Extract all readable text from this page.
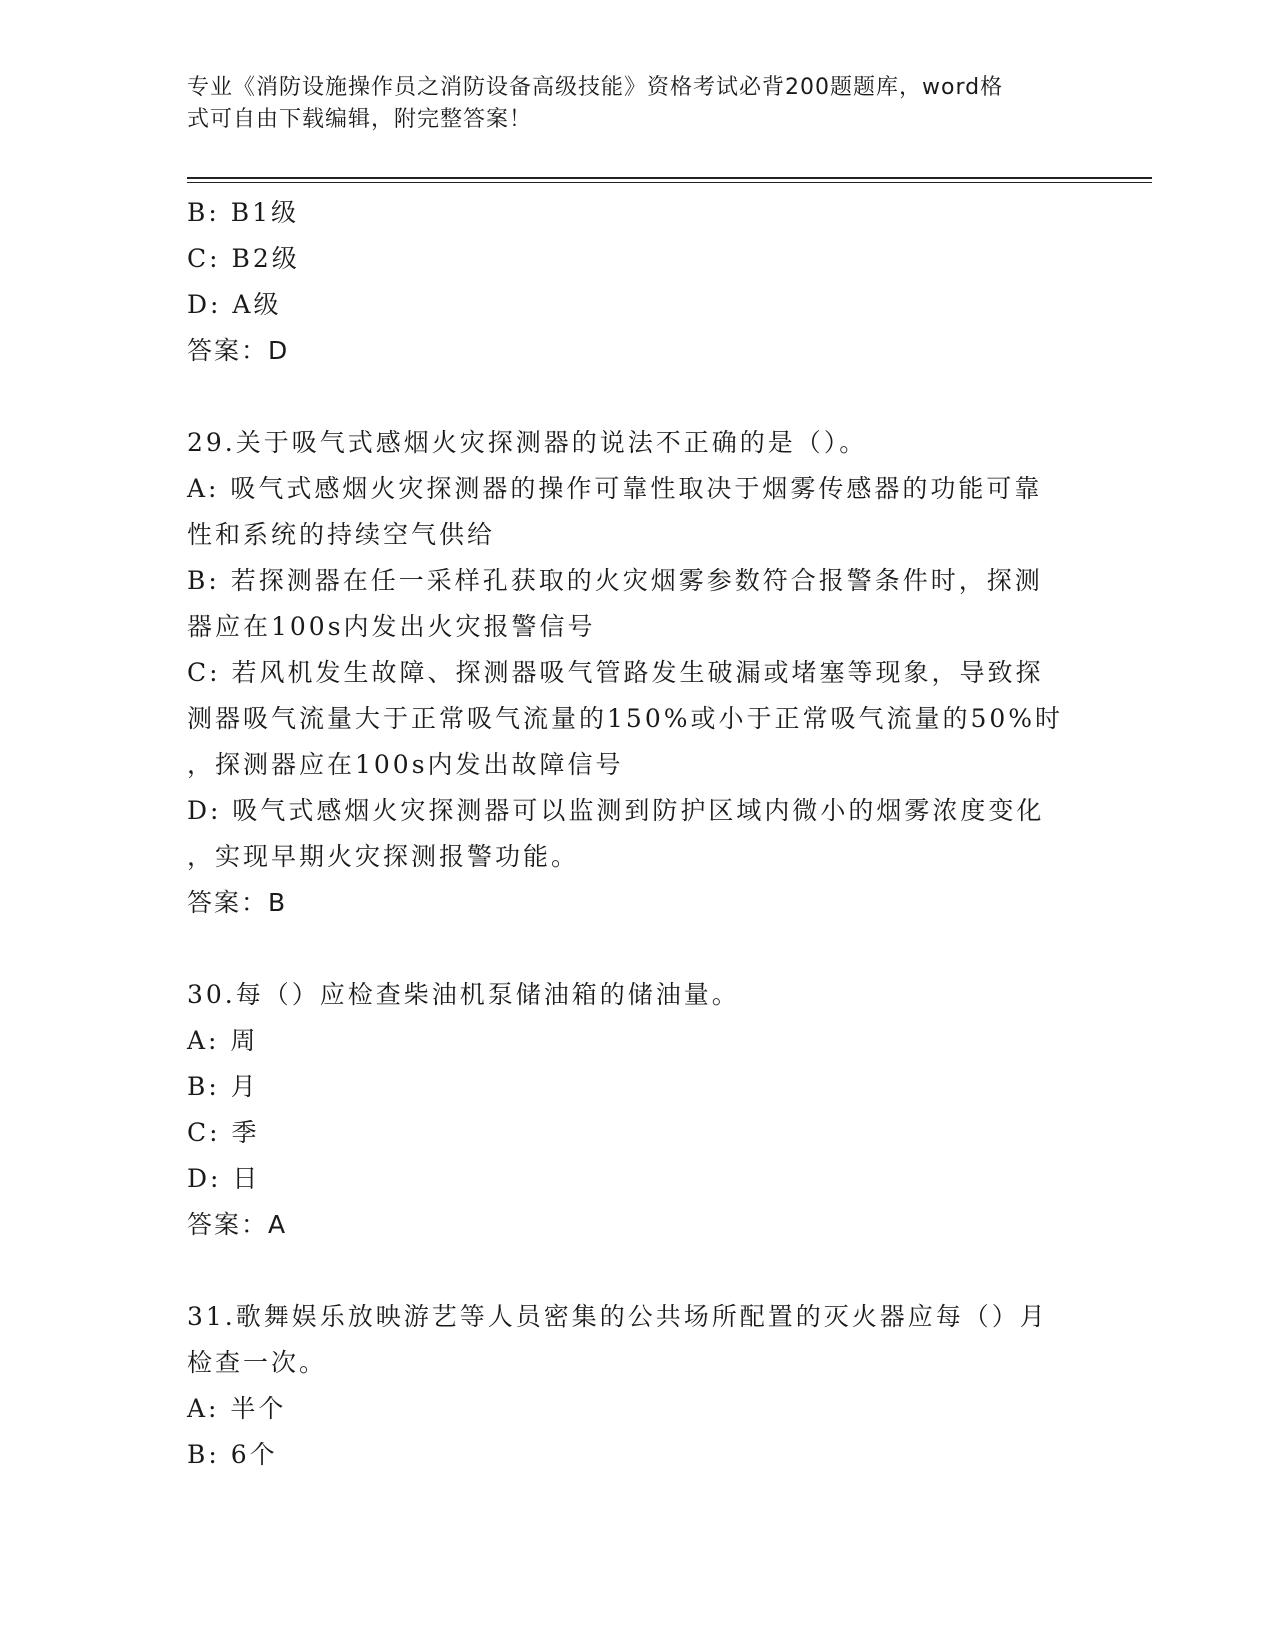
专业《消防设施操作员之消防设备高级技能》资格考试必背200题题库，word格
式可自由下载编辑，附完整答案！
B: B1级
C: B2级
D: A级
答案：D
29.关于吸气式感烟火灾探测器的说法不正确的是（）。
A: 吸气式感烟火灾探测器的操作可靠性取决于烟雾传感器的功能可靠
性和系统的持续空气供给
B: 若探测器在任一采样孔获取的火灾烟雾参数符合报警条件时，探测
器应在100s内发出火灾报警信号
C: 若风机发生故障、探测器吸气管路发生破漏或堵塞等现象，导致探
测器吸气流量大于正常吸气流量的150%或小于正常吸气流量的50%时
，探测器应在100s内发出故障信号
D: 吸气式感烟火灾探测器可以监测到防护区域内微小的烟雾浓度变化
，实现早期火灾探测报警功能。
答案：B
30.每（）应检查柴油机泵储油箱的储油量。
A: 周
B: 月
C: 季
D: 日
答案：A
31.歌舞娱乐放映游艺等人员密集的公共场所配置的灭火器应每（）月
检查一次。
A: 半个
B: 6个
